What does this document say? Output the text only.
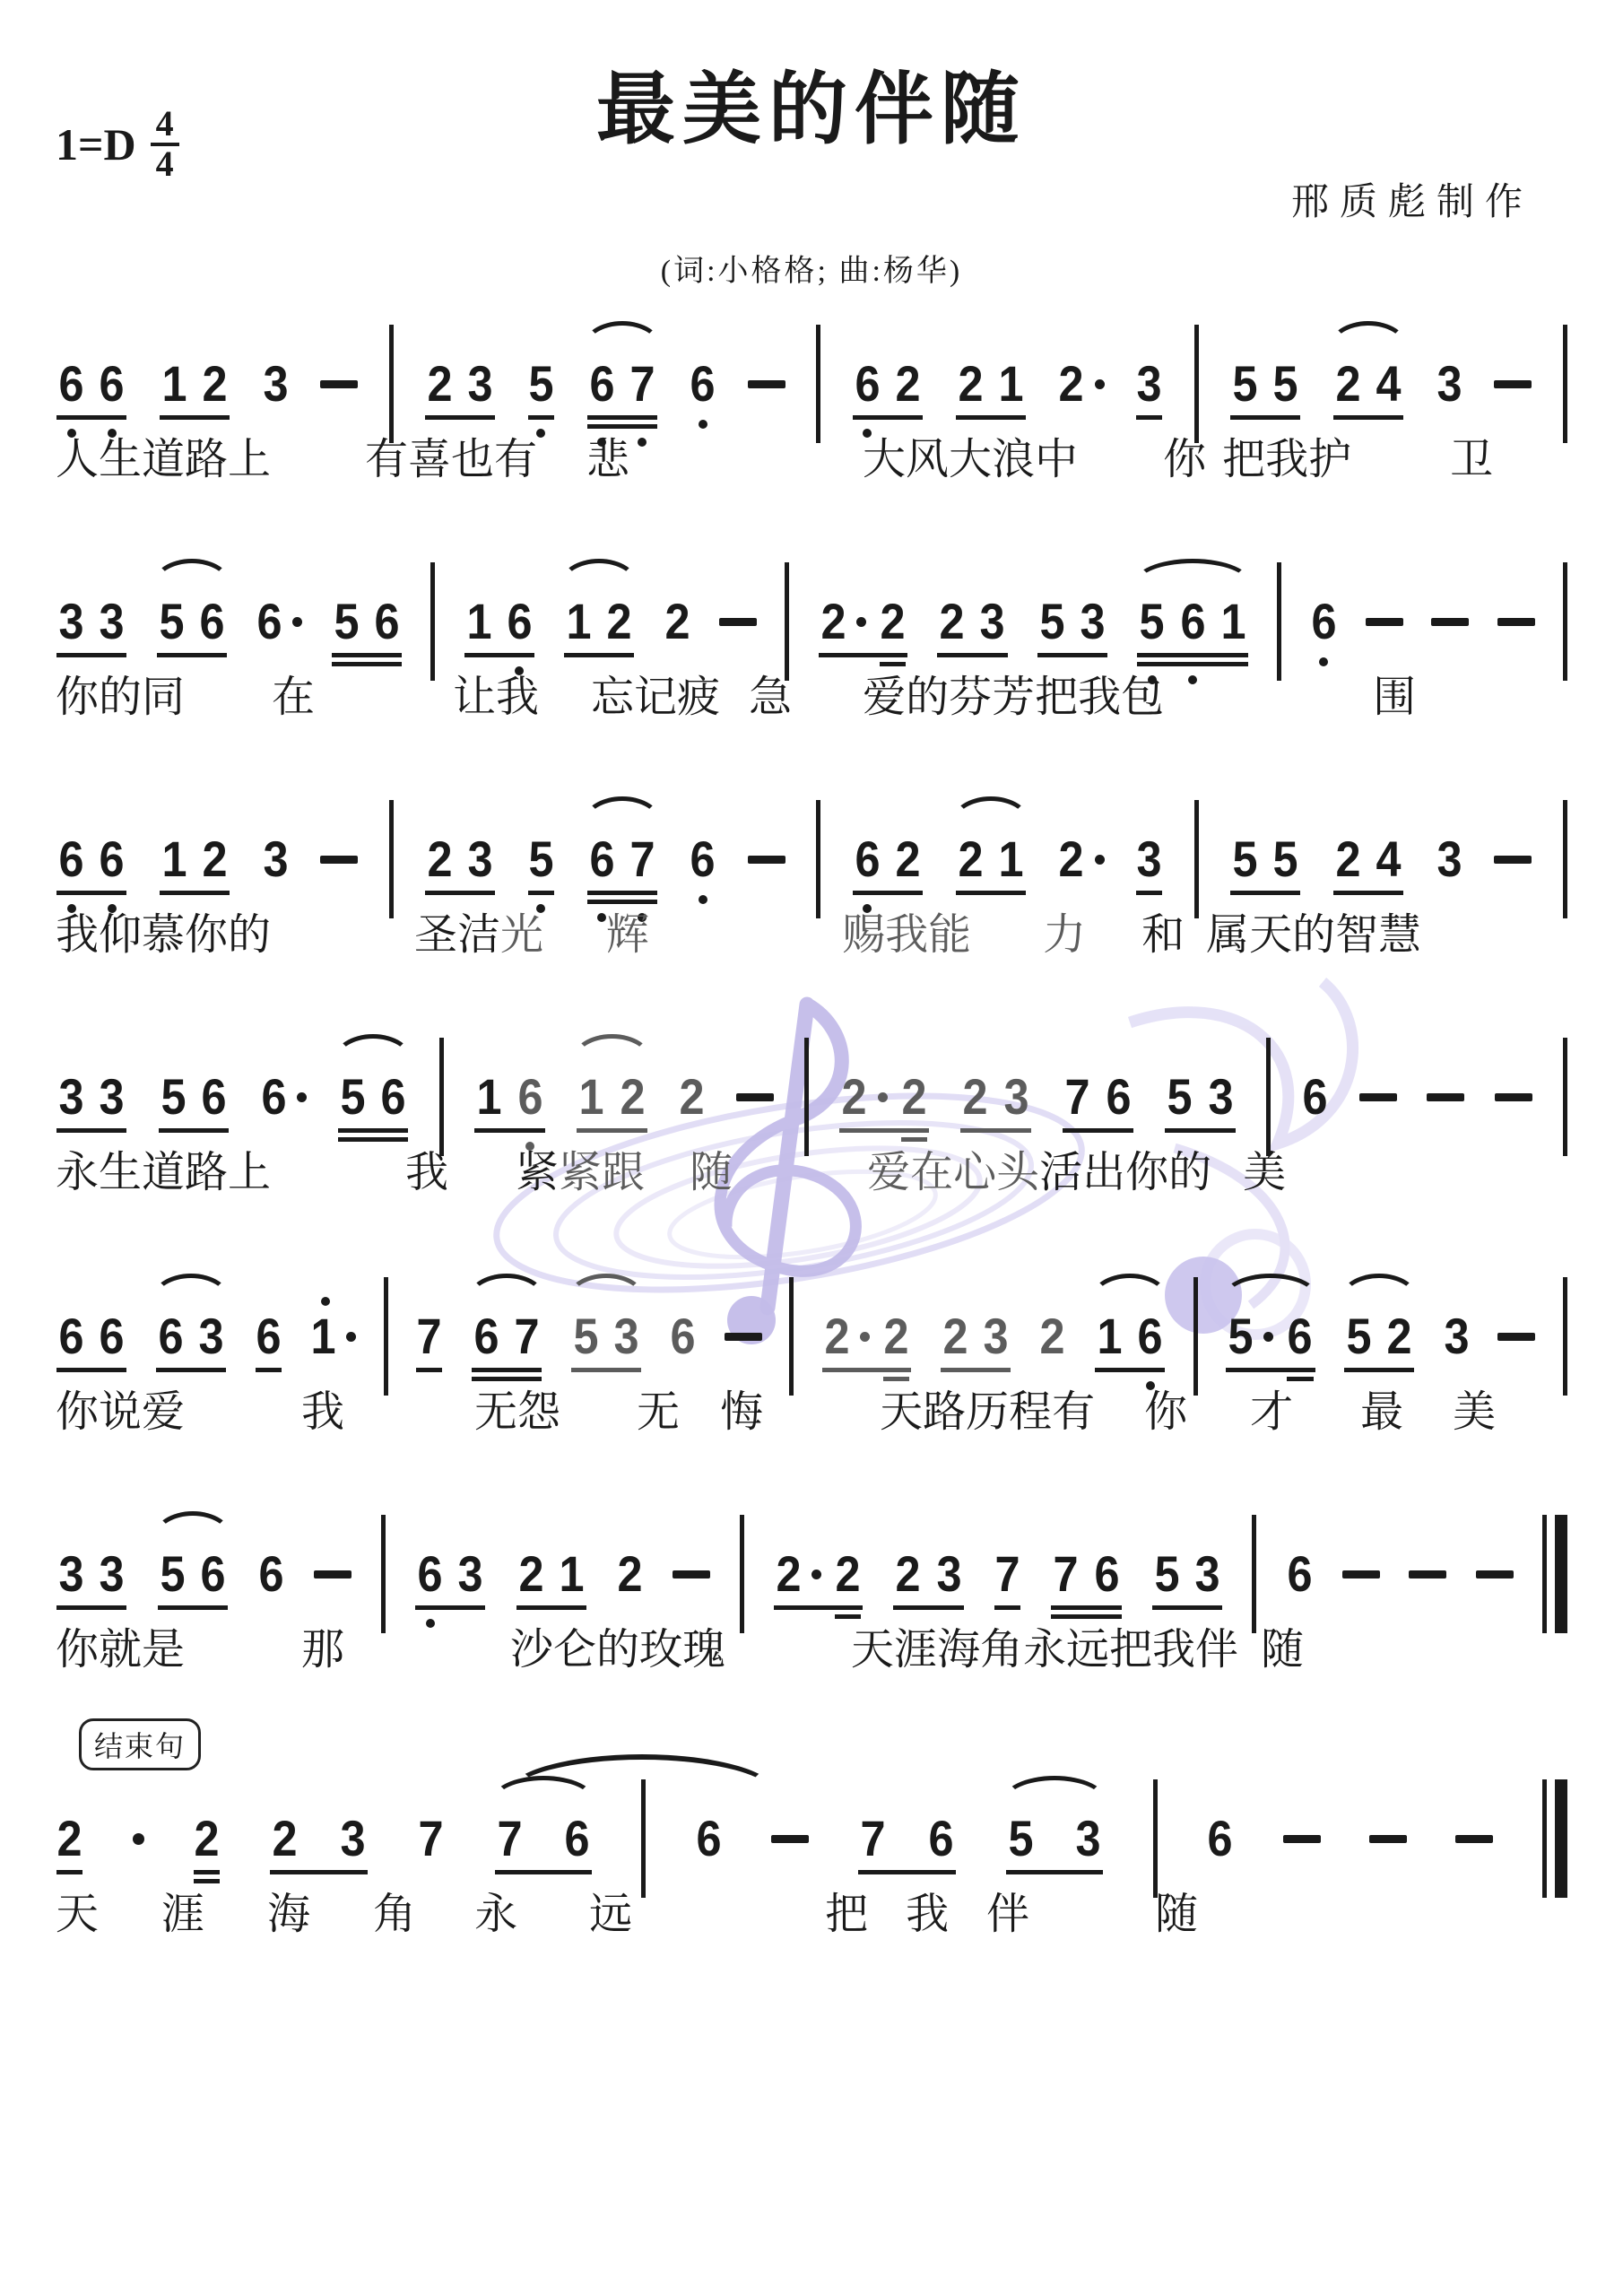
最美的伴随
$1=D \frac{4}{4}$
邢质彪制作
(词:小格格; 曲:杨华)
结束句
6 6 1 2 3	2 3 5 6 7 6	6 2 2 1 2 3 5 5 2 4 3
人生道路上 有喜也有 悲	大风大浪中 你 把我护 卫
3 3 5 6 6 5 6 1 6 1 2 2	2 2 2 3 5 3 5 6 1 6
你的同 在	让我 忘记疲 急 爱的芬芳把我包	围
6 6 1 2 3	2 3 5 6 7 6	6 2 2 1 2 3 5 5 2 4 3
我仰慕你的	圣洁 光 辉	赐我能 力 和 属天的智慧
3 3 5 6 6 5 6 1 6 1 2 2	2 2 2 3 7 6 5 3 6
永生道路上	我 紧 紧跟 随	爱在心头 活出你的 美
6 6 6 3 6 1 7 6 7 5 3 6	2 2 2 3 2 1 6 5 6 5 2 3
你说爱	我	无怨 无 悔	天路历程有 你 才 最 美
3 3 5 6 6	6 3 2 1 2	2 2 2 3 7 7 6 5 3 6
你就是	那	沙仑的玫瑰	天涯海角永远把我伴 随
2 2 2 3 7 7 6 6	7 6 5 3 6
天 涯 海 角 永 远	把 我 伴	随
